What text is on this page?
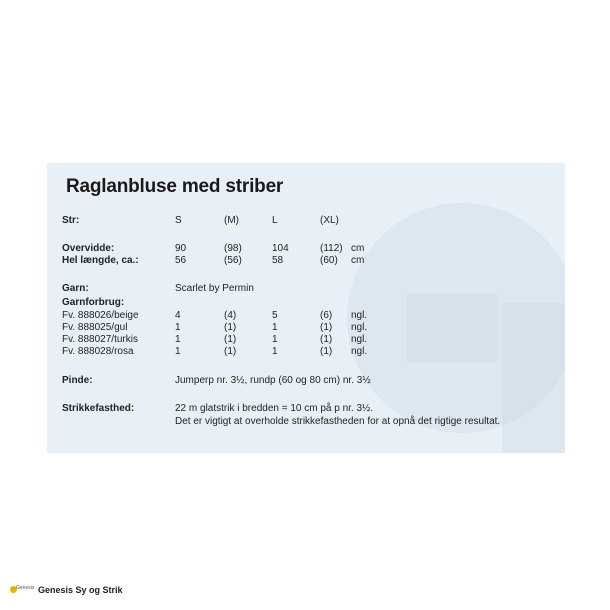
Raglanbluse med striber
Str:	S	(M)	L	(XL)
Overvidde:	90	(98)	104	(112) cm
Hel længde, ca.:	56	(56)	58	(60) cm
Garn:	Scarlet by Permin
Garnforbrug:
Fv. 888026/beige	4	(4)	5	(6) ngl.
Fv. 888025/gul	1	(1)	1	(1) ngl.
Fv. 888027/turkis	1	(1)	1	(1) ngl.
Fv. 888028/rosa	1	(1)	1	(1) ngl.
Pinde:	Jumperp nr. 3½, rundp (60 og 80 cm) nr. 3½
Strikkefasthed:	22 m glatstrik i bredden = 10 cm på p nr. 3½.
Det er vigtigt at overholde strikkefastheden for at opnå det rigtige resultat.
Genesis Genesis Sy og Strik
